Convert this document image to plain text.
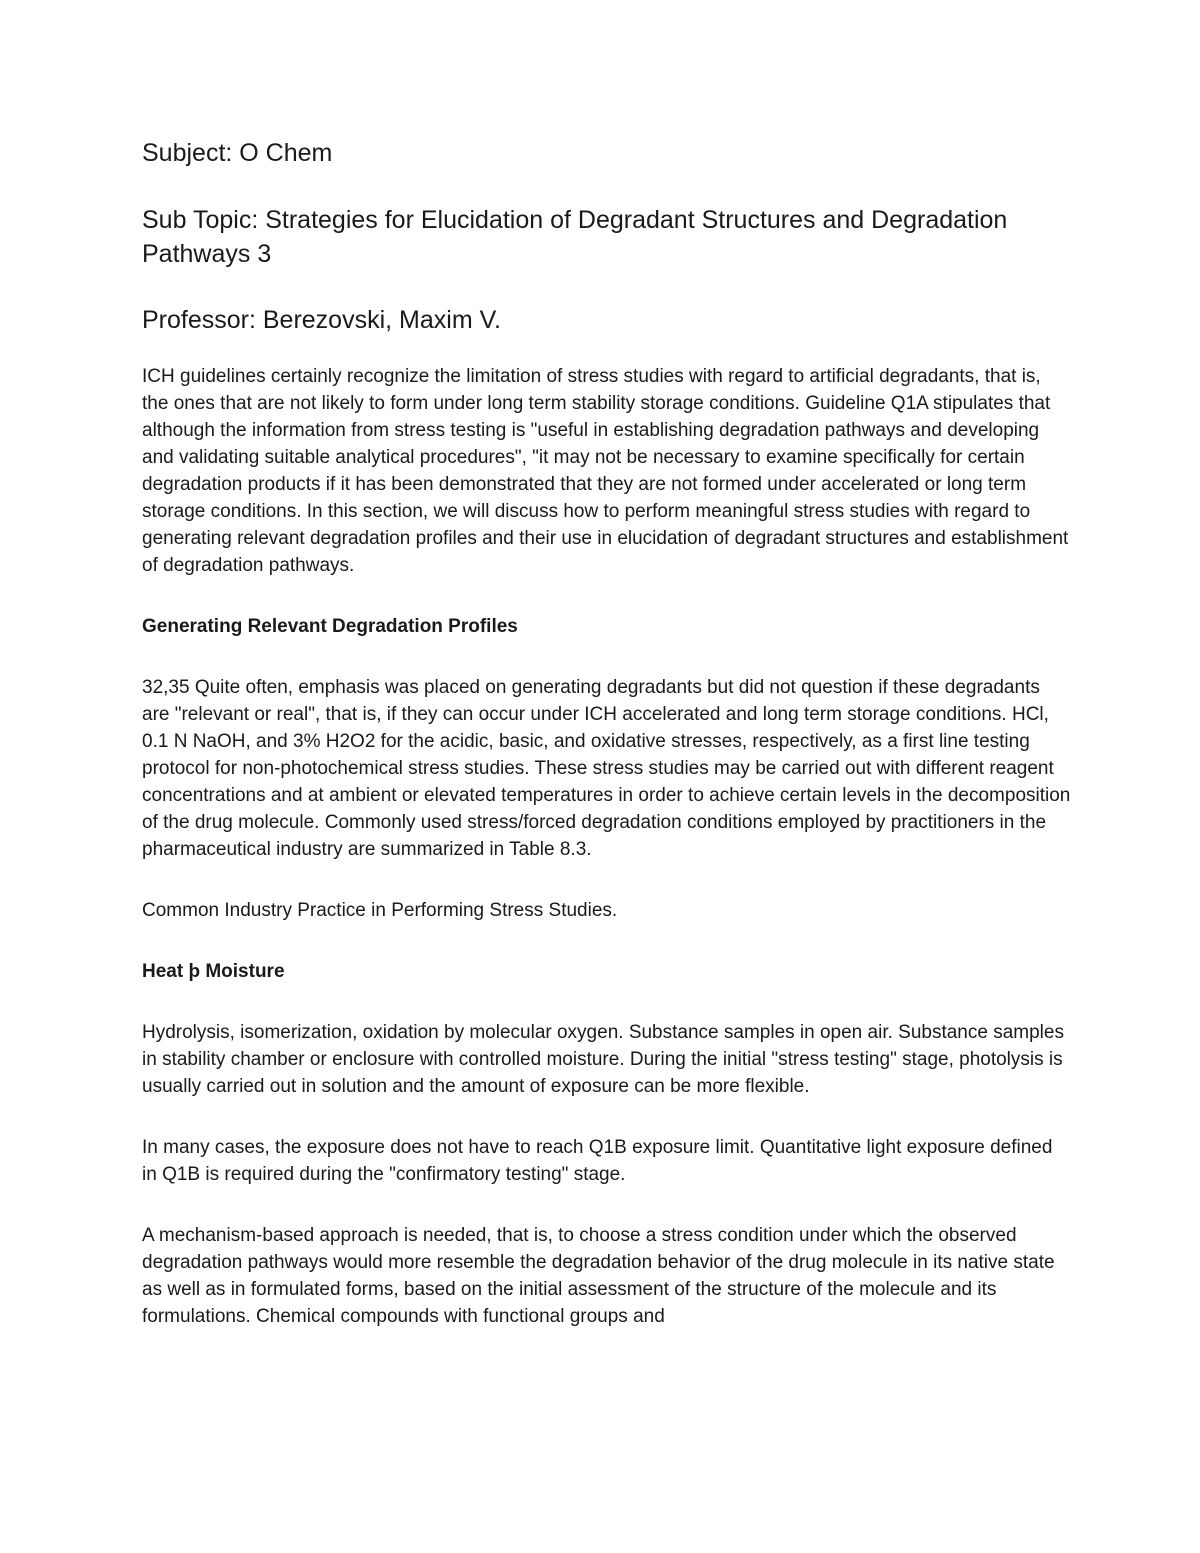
Subject: O Chem
Sub Topic: Strategies for Elucidation of Degradant Structures and Degradation Pathways 3
Professor: Berezovski, Maxim V.

ICH guidelines certainly recognize the limitation of stress studies with regard to artificial degradants, that is, the ones that are not likely to form under long term stability storage conditions. Guideline Q1A stipulates that although the information from stress testing is "useful in establishing degradation pathways and developing and validating suitable analytical procedures", "it may not be necessary to examine specifically for certain degradation products if it has been demonstrated that they are not formed under accelerated or long term storage conditions. In this section, we will discuss how to perform meaningful stress studies with regard to generating relevant degradation profiles and their use in elucidation of degradant structures and establishment of degradation pathways.

Generating Relevant Degradation Profiles

32,35 Quite often, emphasis was placed on generating degradants but did not question if these degradants are "relevant or real", that is, if they can occur under ICH accelerated and long term storage conditions. HCl, 0.1 N NaOH, and 3% H2O2 for the acidic, basic, and oxidative stresses, respectively, as a first line testing protocol for non-photochemical stress studies. These stress studies may be carried out with different reagent concentrations and at ambient or elevated temperatures in order to achieve certain levels in the decomposition of the drug molecule. Commonly used stress/forced degradation conditions employed by practitioners in the pharmaceutical industry are summarized in Table 8.3.

Common Industry Practice in Performing Stress Studies.

Heat þ Moisture

Hydrolysis, isomerization, oxidation by molecular oxygen. Substance samples in open air. Substance samples in stability chamber or enclosure with controlled moisture. During the initial "stress testing" stage, photolysis is usually carried out in solution and the amount of exposure can be more flexible.

In many cases, the exposure does not have to reach Q1B exposure limit. Quantitative light exposure defined in Q1B is required during the "confirmatory testing" stage.

A mechanism-based approach is needed, that is, to choose a stress condition under which the observed degradation pathways would more resemble the degradation behavior of the drug molecule in its native state as well as in formulated forms, based on the initial assessment of the structure of the molecule and its formulations. Chemical compounds with functional groups and
